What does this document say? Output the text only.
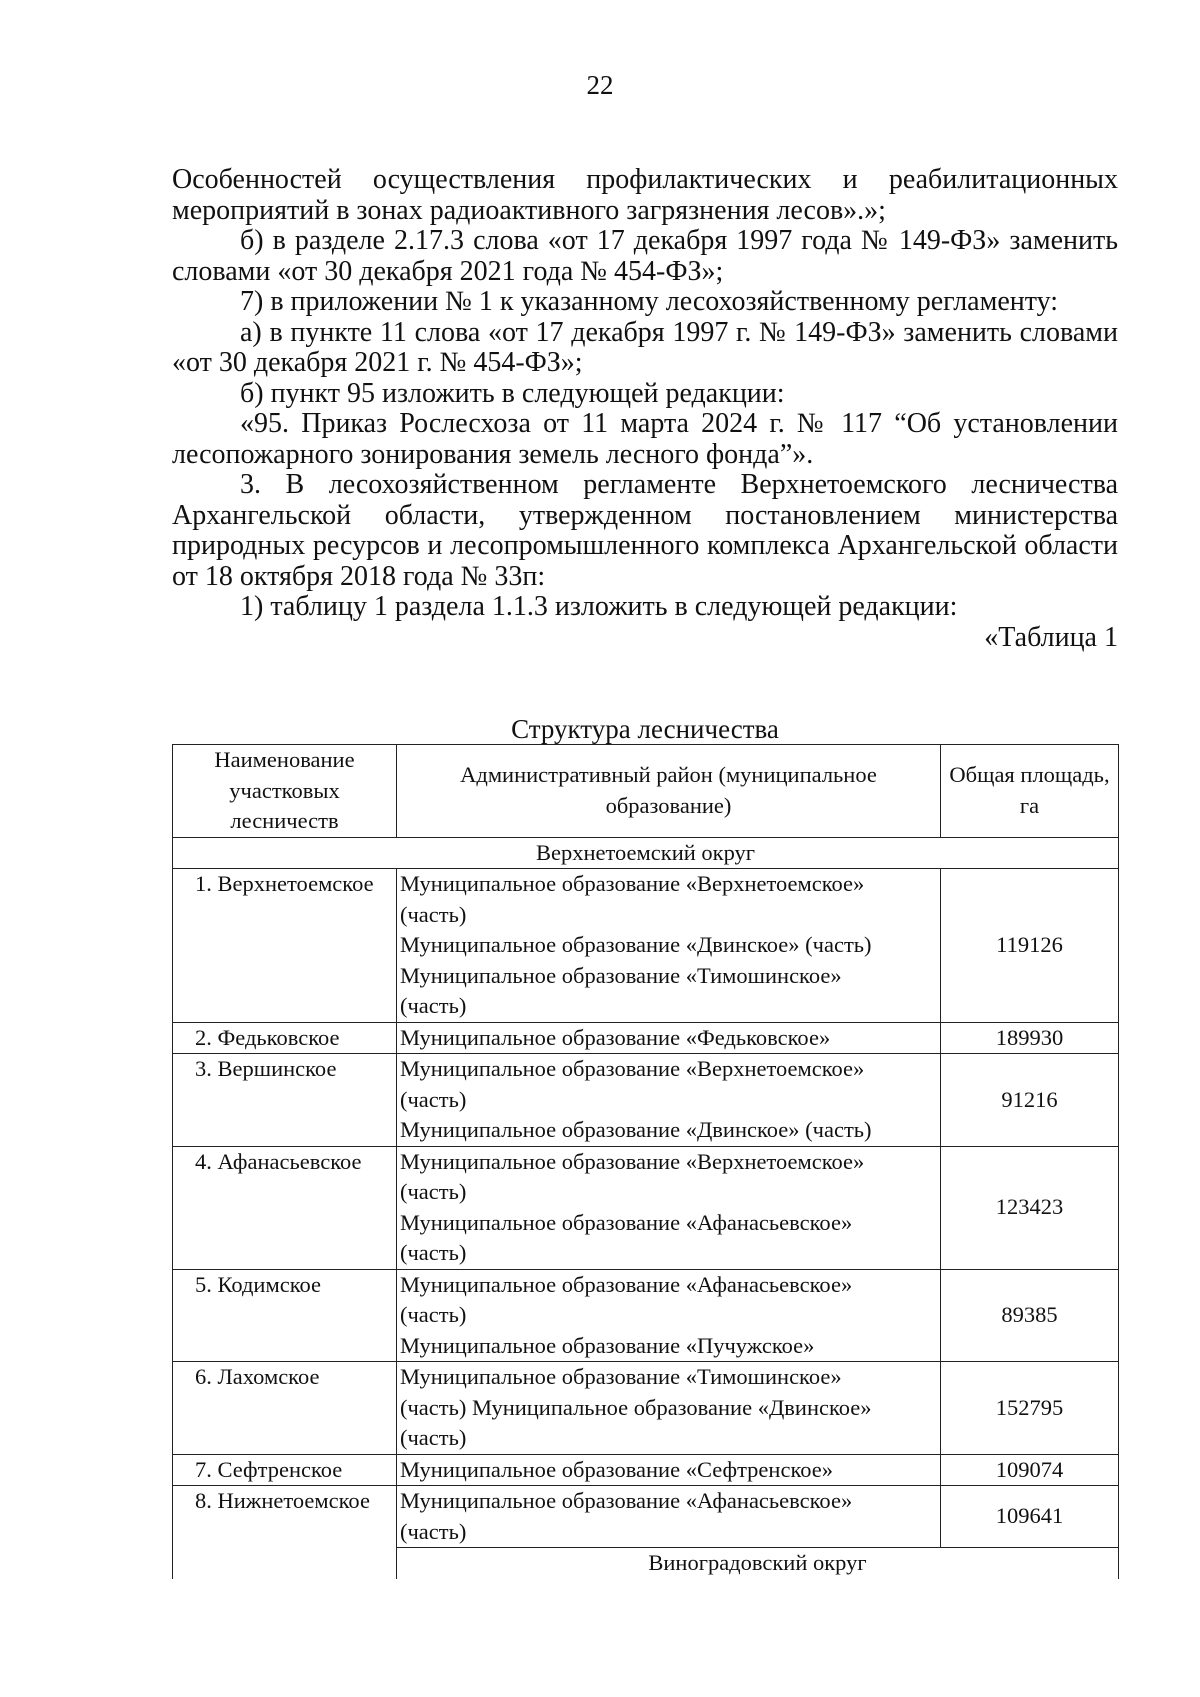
22

Особенностей осуществления профилактических и реабилитационных мероприятий в зонах радиоактивного загрязнения лесов».»;

б) в разделе 2.17.3 слова «от 17 декабря 1997 года № 149-ФЗ» заменить словами «от 30 декабря 2021 года № 454-ФЗ»;

7) в приложении № 1 к указанному лесохозяйственному регламенту:

а) в пункте 11 слова «от 17 декабря 1997 г. № 149-ФЗ» заменить словами «от 30 декабря 2021 г. № 454-ФЗ»;

б) пункт 95 изложить в следующей редакции:

«95. Приказ Рослесхоза от 11 марта 2024 г. № 117 “Об установлении лесопожарного зонирования земель лесного фонда”».

3. В лесохозяйственном регламенте Верхнетоемского лесничества Архангельской области, утвержденном постановлением министерства природных ресурсов и лесопромышленного комплекса Архангельской области от 18 октября 2018 года № 33п:

1) таблицу 1 раздела 1.1.3 изложить в следующей редакции:

«Таблица 1

Структура лесничества
Наименование участковых лесничеств	Административный район (муниципальное образование)	Общая площадь, га
Верхнетоемский округ		
1. Верхнетоемское	Муниципальное образование «Верхнетоемское»
(часть)
Муниципальное образование «Двинское» (часть)
Муниципальное образование «Тимошинское»
(часть)	119126
2. Федьковское	Муниципальное образование «Федьковское»	189930
3. Вершинское	Муниципальное образование «Верхнетоемское»
(часть)
Муниципальное образование «Двинское» (часть)	91216
4. Афанасьевское	Муниципальное образование «Верхнетоемское»
(часть)
Муниципальное образование «Афанасьевское»
(часть)	123423
5. Кодимское	Муниципальное образование «Афанасьевское»
(часть)
Муниципальное образование «Пучужское»	89385
6. Лахомское	Муниципальное образование «Тимошинское»
(часть) Муниципальное образование «Двинское»
(часть)	152795
7. Сефтренское	Муниципальное образование «Сефтренское»	109074
8. Нижнетоемское	Муниципальное образование «Афанасьевское»
(часть)	109641
	Виноградовский округ	
